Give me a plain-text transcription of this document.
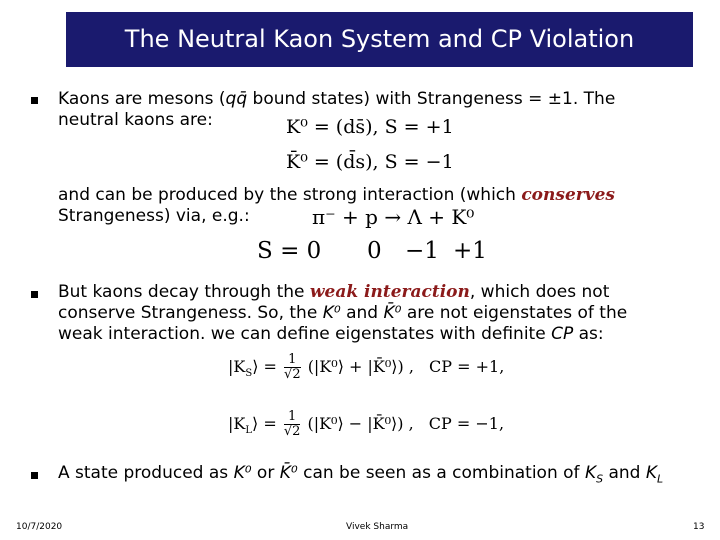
The Neutral Kaon System and CP Violation
Kaons are mesons (qq̄ bound states) with Strangeness = ±1. The
neutral kaons are:	K⁰ = (ds̄), S = +1
K̄⁰ = (d̄s), S = −1
and can be produced by the strong interaction (which conserves
Strangeness) via, e.g.:	π⁻ + p → Λ + K⁰
S = 0 0 −1 +1
But kaons decay through the weak interaction, which does not
conserve Strangeness. So, the K⁰ and K̄⁰ are not eigenstates of the
weak interaction. we can define eigenstates with definite CP as:
$|K_S⟩ = \frac{1}{√2}$ (|K⁰⟩ + |K̄⁰⟩) , CP = +1,
$|K_L⟩ = \frac{1}{√2}$ (|K⁰⟩ − |K̄⁰⟩) , CP = −1,
A state produced as K⁰ or K̄⁰ can be seen as a combination of $K_S$ and $K_L$
10/7/2020	Vivek Sharma	13
